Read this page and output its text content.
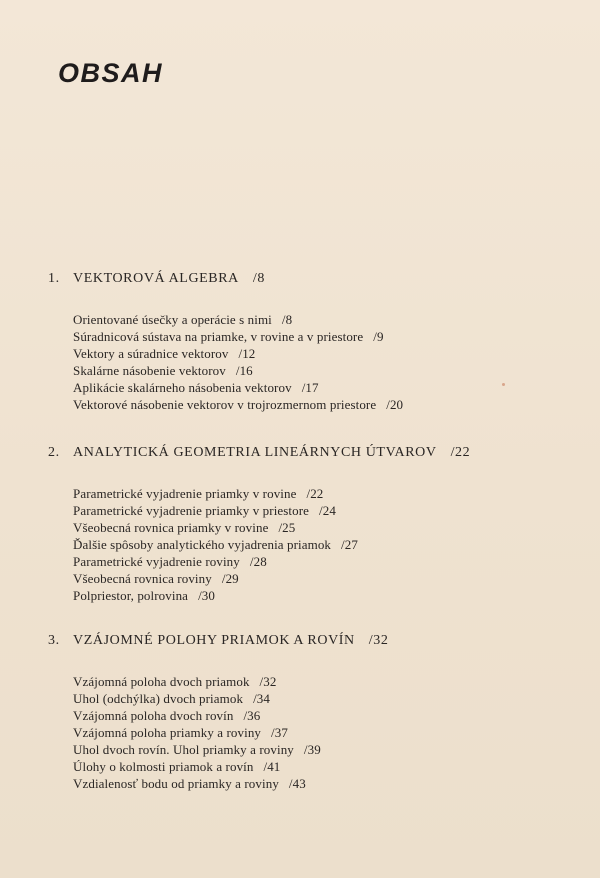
OBSAH
1. VEKTOROVÁ ALGEBRA /8
Orientované úsečky a operácie s nimi /8
Súradnicová sústava na priamke, v rovine a v priestore /9
Vektory a súradnice vektorov /12
Skalárne násobenie vektorov /16
Aplikácie skalárneho násobenia vektorov /17
Vektorové násobenie vektorov v trojrozmernom priestore /20
2. ANALYTICKÁ GEOMETRIA LINEÁRNYCH ÚTVAROV /22
Parametrické vyjadrenie priamky v rovine /22
Parametrické vyjadrenie priamky v priestore /24
Všeobecná rovnica priamky v rovine /25
Ďalšie spôsoby analytického vyjadrenia priamok /27
Parametrické vyjadrenie roviny /28
Všeobecná rovnica roviny /29
Polpriestor, polrovina /30
3. VZÁJOMNÉ POLOHY PRIAMOK A ROVÍN /32
Vzájomná poloha dvoch priamok /32
Uhol (odchýlka) dvoch priamok /34
Vzájomná poloha dvoch rovín /36
Vzájomná poloha priamky a roviny /37
Uhol dvoch rovín. Uhol priamky a roviny /39
Úlohy o kolmosti priamok a rovín /41
Vzdialenosť bodu od priamky a roviny /43
